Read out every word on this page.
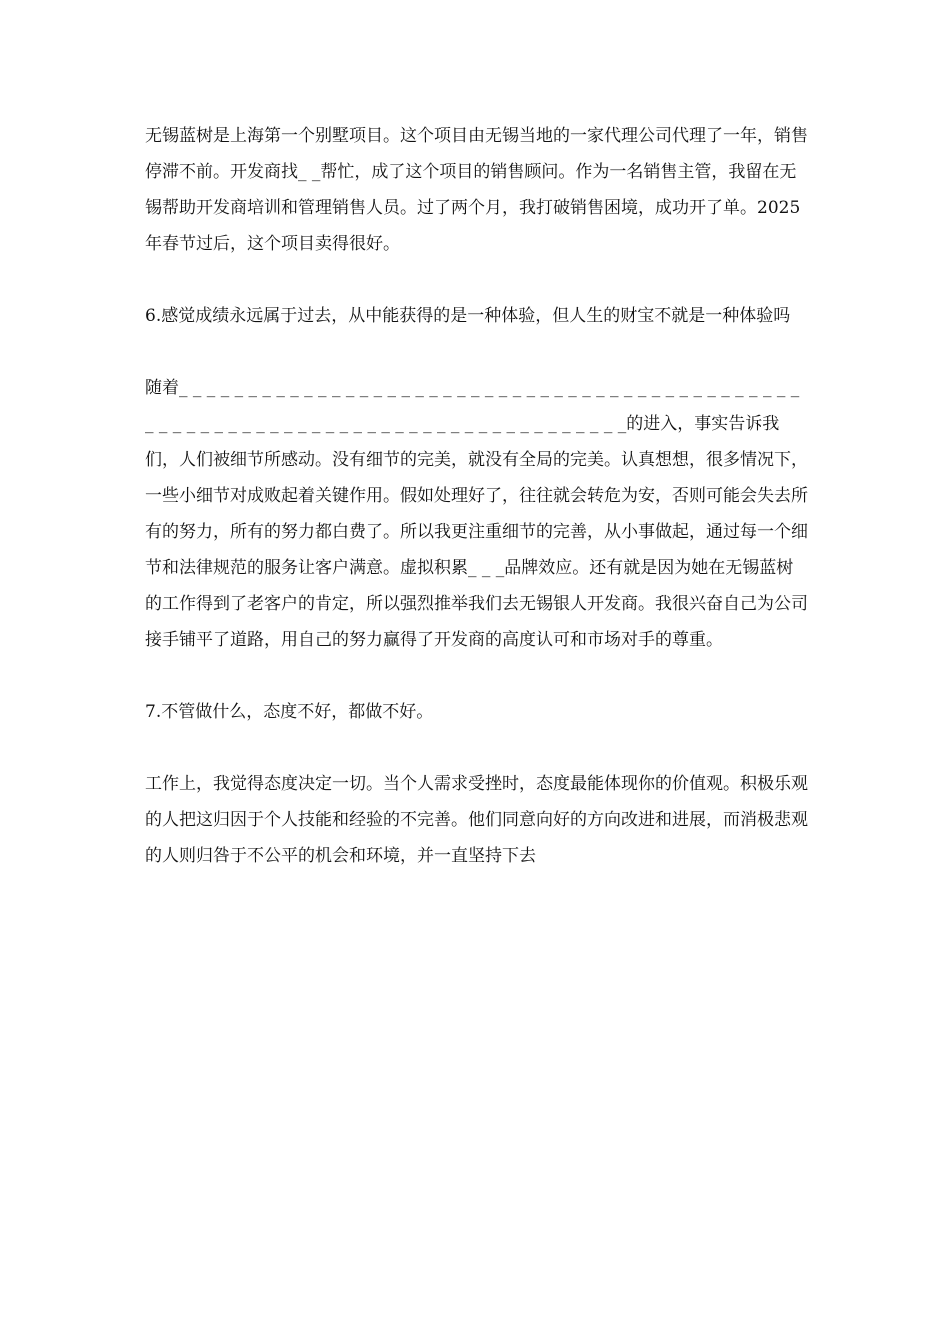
无锡蓝树是上海第一个别墅项目。这个项目由无锡当地的一家代理公司代理了一年，销售停滞不前。开发商找_ _帮忙，成了这个项目的销售顾问。作为一名销售主管，我留在无锡帮助开发商培训和管理销售人员。过了两个月，我打破销售困境，成功开了单。2025年春节过后，这个项目卖得很好。

6.感觉成绩永远属于过去，从中能获得的是一种体验，但人生的财宝不就是一种体验吗

随着_ _ _ _ _ _ _ _ _ _ _ _ _ _ _ _ _ _ _ _ _ _ _ _ _ _ _ _ _ _ _ _ _ _ _ _ _ _ _ _ _ _ _ _ _ _ _ _ _ _ _ _ _ _ _ _ _ _ _ _ _ _ _ _ _ _ _ _ _ _ _ _ _ _ _ _ _ _ _ _的进入，事实告诉我们，人们被细节所感动。没有细节的完美，就没有全局的完美。认真想想，很多情况下，一些小细节对成败起着关键作用。假如处理好了，往往就会转危为安，否则可能会失去所有的努力，所有的努力都白费了。所以我更注重细节的完善，从小事做起，通过每一个细节和法律规范的服务让客户满意。虚拟积累_ _ _品牌效应。还有就是因为她在无锡蓝树的工作得到了老客户的肯定，所以强烈推举我们去无锡银人开发商。我很兴奋自己为公司接手铺平了道路，用自己的努力赢得了开发商的高度认可和市场对手的尊重。

7.不管做什么，态度不好，都做不好。

工作上，我觉得态度决定一切。当个人需求受挫时，态度最能体现你的价值观。积极乐观的人把这归因于个人技能和经验的不完善。他们同意向好的方向改进和进展，而消极悲观的人则归咎于不公平的机会和环境，并一直坚持下去
